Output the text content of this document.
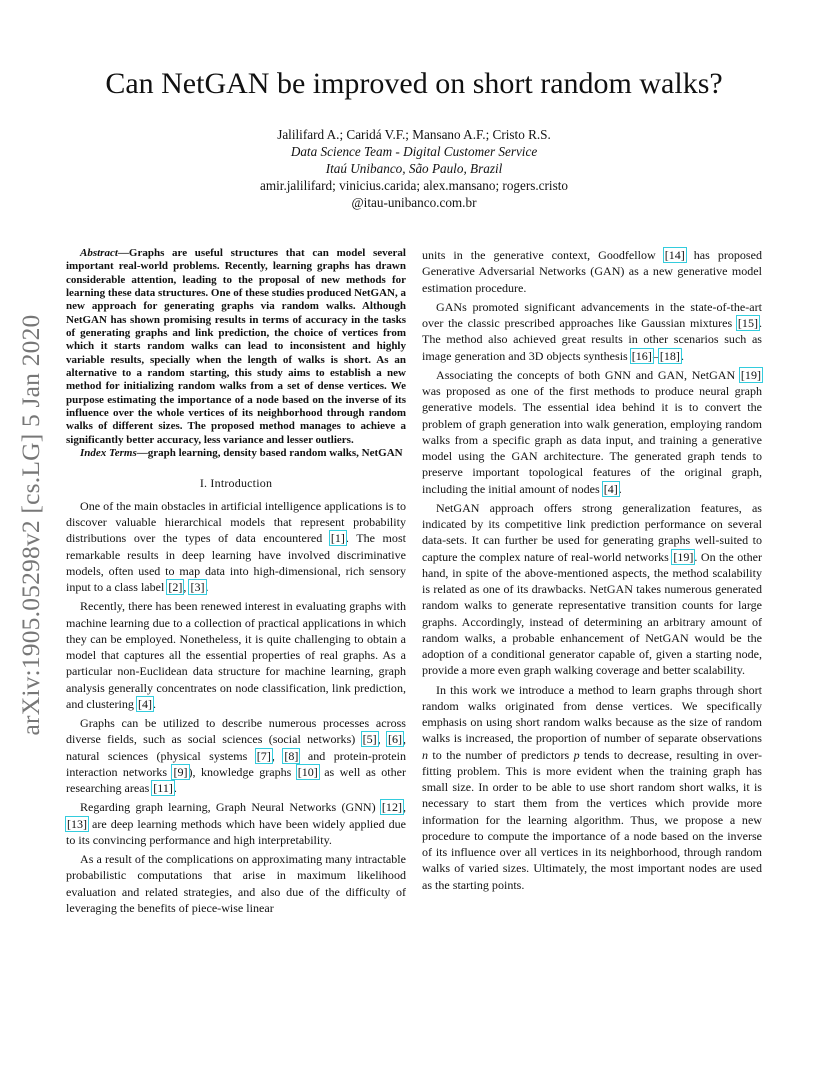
Can NetGAN be improved on short random walks?
Jalilifard A.; Caridá V.F.; Mansano A.F.; Cristo R.S.
Data Science Team - Digital Customer Service
Itaú Unibanco, São Paulo, Brazil
amir.jalilifard; vinicius.carida; alex.mansano; rogers.cristo
@itau-unibanco.com.br
arXiv:1905.05298v2 [cs.LG] 5 Jan 2020

Abstract—Graphs are useful structures that can model several important real-world problems. Recently, learning graphs has drawn considerable attention, leading to the proposal of new methods for learning these data structures. One of these studies produced NetGAN, a new approach for generating graphs via random walks. Although NetGAN has shown promising results in terms of accuracy in the tasks of generating graphs and link prediction, the choice of vertices from which it starts random walks can lead to inconsistent and highly variable results, specially when the length of walks is short. As an alternative to a random starting, this study aims to establish a new method for initializing random walks from a set of dense vertices. We purpose estimating the importance of a node based on the inverse of its influence over the whole vertices of its neighborhood through random walks of different sizes. The proposed method manages to achieve a significantly better accuracy, less variance and lesser outliers.

Index Terms—graph learning, density based random walks, NetGAN

I. Introduction

One of the main obstacles in artificial intelligence applications is to discover valuable hierarchical models that represent probability distributions over the types of data encountered [1]. The most remarkable results in deep learning have involved discriminative models, often used to map data into high-dimensional, rich sensory input to a class label [2], [3].

Recently, there has been renewed interest in evaluating graphs with machine learning due to a collection of practical applications in which they can be employed. Nonetheless, it is quite challenging to obtain a model that captures all the essential properties of real graphs. As a particular non-Euclidean data structure for machine learning, graph analysis generally concentrates on node classification, link prediction, and clustering [4].

Graphs can be utilized to describe numerous processes across diverse fields, such as social sciences (social networks) [5], [6], natural sciences (physical systems [7], [8] and protein-protein interaction networks [9]), knowledge graphs [10] as well as other researching areas [11].

Regarding graph learning, Graph Neural Networks (GNN) [12], [13] are deep learning methods which have been widely applied due to its convincing performance and high interpretability.

As a result of the complications on approximating many intractable probabilistic computations that arise in maximum likelihood evaluation and related strategies, and also due of the difficulty of leveraging the benefits of piece-wise linear

units in the generative context, Goodfellow [14] has proposed Generative Adversarial Networks (GAN) as a new generative model estimation procedure.

GANs promoted significant advancements in the state-of-the-art over the classic prescribed approaches like Gaussian mixtures [15]. The method also achieved great results in other scenarios such as image generation and 3D objects synthesis [16]–[18].

Associating the concepts of both GNN and GAN, NetGAN [19] was proposed as one of the first methods to produce neural graph generative models. The essential idea behind it is to convert the problem of graph generation into walk generation, employing random walks from a specific graph as data input, and training a generative model using the GAN architecture. The generated graph tends to preserve important topological features of the original graph, including the initial amount of nodes [4].

NetGAN approach offers strong generalization features, as indicated by its competitive link prediction performance on several data-sets. It can further be used for generating graphs well-suited to capture the complex nature of real-world networks [19]. On the other hand, in spite of the above-mentioned aspects, the method scalability is related as one of its drawbacks. NetGAN takes numerous generated random walks to generate representative transition counts for large graphs. Accordingly, instead of determining an arbitrary amount of random walks, a probable enhancement of NetGAN would be the adoption of a conditional generator capable of, given a starting node, provide a more even graph walking coverage and better scalability.

In this work we introduce a method to learn graphs through short random walks originated from dense vertices. We specifically emphasis on using short random walks because as the size of random walks is increased, the proportion of number of separate observations n to the number of predictors p tends to decrease, resulting in over-fitting problem. This is more evident when the training graph has small size. In order to be able to use short random short walks, it is necessary to start them from the vertices which provide more information for the learning algorithm. Thus, we propose a new procedure to compute the importance of a node based on the inverse of its influence over all vertices in its neighborhood, through random walks of varied sizes. Ultimately, the most important nodes are used as the starting points.
